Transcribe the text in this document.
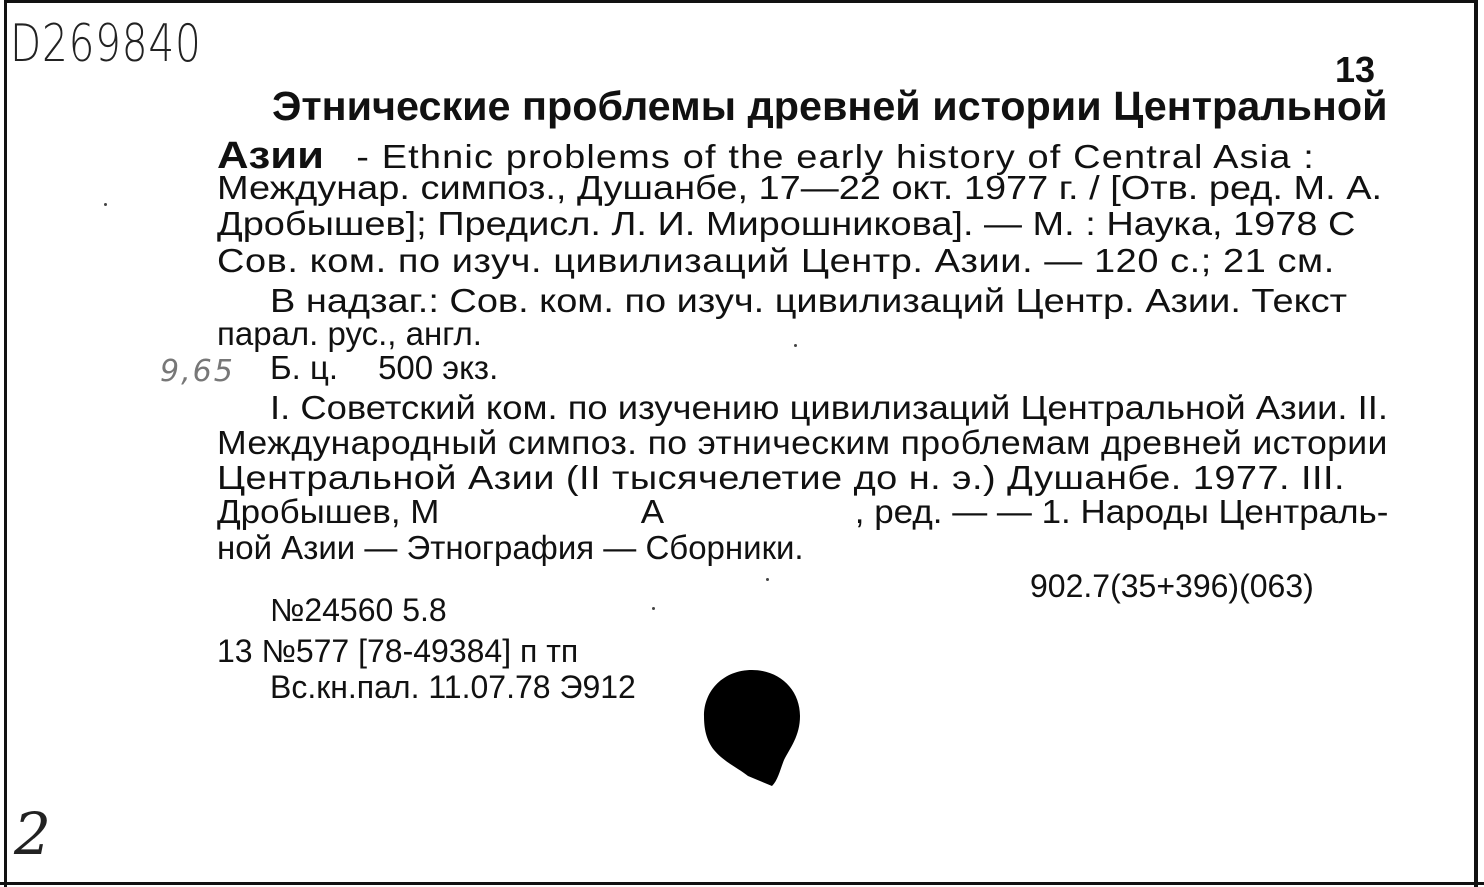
D269840
9,65
2
13
Этнические проблемы древней истории Центральной
Азии - Ethnic problems of the early history of Central Asia :
Междунар. симпоз., Душанбе, 17—22 окт. 1977 г. / [Отв. ред. М. А.
Дробышев]; Предисл. Л. И. Мирошникова]. — М. : Наука, 1978 С
Сов. ком. по изуч. цивилизаций Центр. Азии. — 120 с.; 21 см.
В надзаг.: Сов. ком. по изуч. цивилизаций Центр. Азии. Текст
парал. рус., англ.
Б. ц. 500 экз.
I. Советский ком. по изучению цивилизаций Центральной Азии. II.
Международный симпоз. по этническим проблемам древней истории
Центральной Азии (II тысячелетие до н. э.) Душанбе. 1977. III.
Дробышев, М	А	, ред. — — 1. Народы Централь-
ной Азии — Этнография — Сборники.
902.7(35+396)(063)
№24560 5.8
13 №577 [78-49384] п тп
Вс.кн.пал. 11.07.78 Э912
